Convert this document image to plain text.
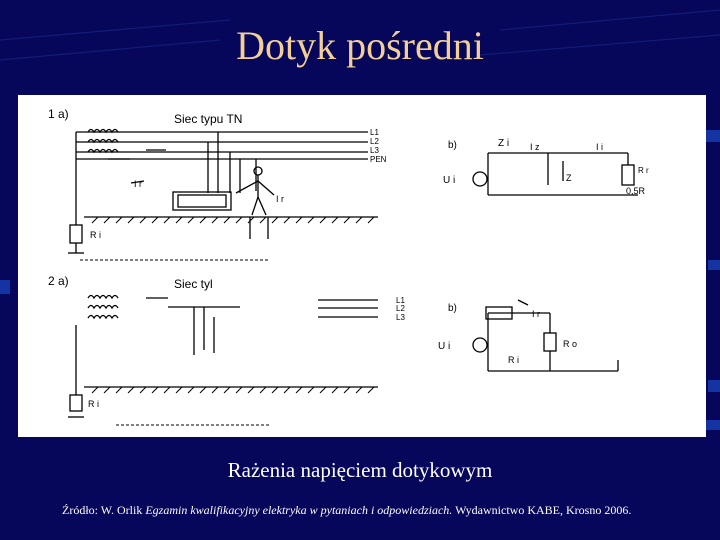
Dotyk pośredni
1 a)	Siec typu TN
L1
L2
L3
PEN
I r
I r
R i
b)	Z i I z	I i
U i
R r
0,5R
Z
2 a)	Siec tyl
L1
L2
L3
R i
b)	I r
U i	R o
R i
Rażenia napięciem dotykowym
Źródło: W. Orlik Egzamin kwalifikacyjny elektryka w pytaniach i odpowiedziach. Wydawnictwo KABE, Krosno 2006.
